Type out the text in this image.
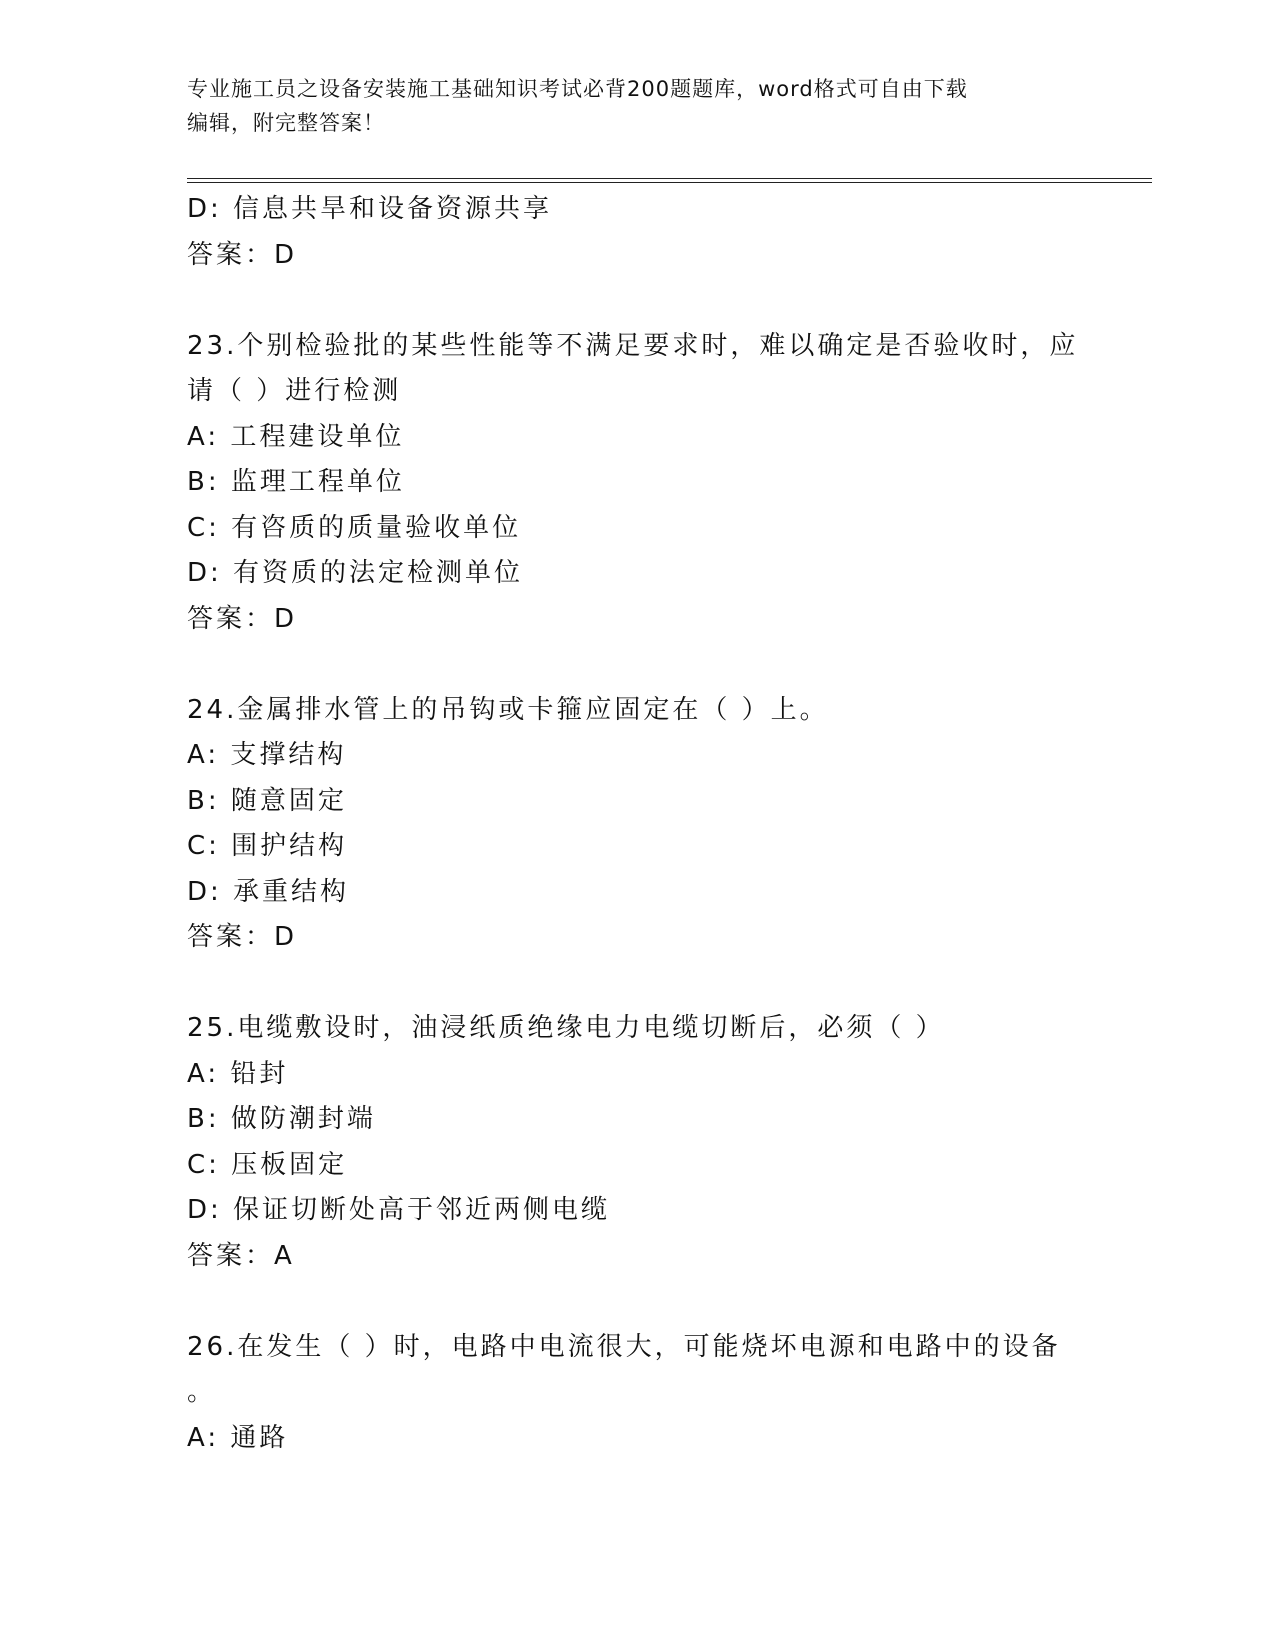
专业施工员之设备安装施工基础知识考试必背200题题库，word格式可自由下载
编辑，附完整答案！
D: 信息共旱和设备资源共享
答案：D
23.个别检验批的某些性能等不满足要求时，难以确定是否验收时，应
请（ ）进行检测
A: 工程建设单位
B: 监理工程单位
C: 有咨质的质量验收单位
D: 有资质的法定检测单位
答案：D
24.金属排水管上的吊钩或卡箍应固定在（ ）上。
A: 支撑结构
B: 随意固定
C: 围护结构
D: 承重结构
答案：D
25.电缆敷设时，油浸纸质绝缘电力电缆切断后，必须（ ）
A: 铅封
B: 做防潮封端
C: 压板固定
D: 保证切断处高于邻近两侧电缆
答案：A
26.在发生（ ）时，电路中电流很大，可能烧坏电源和电路中的设备
。
A: 通路
